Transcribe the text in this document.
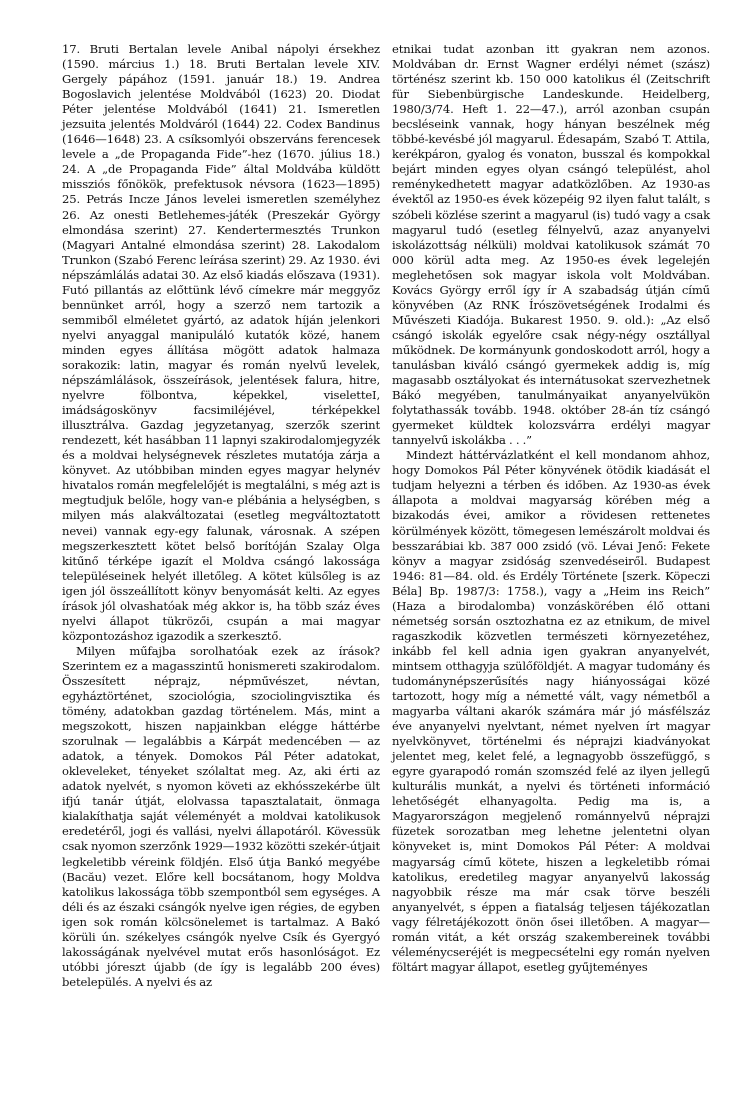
17. Bruti Bertalan levele Anibal nápolyi érsekhez (1590. március 1.) 18. Bruti Bertalan levele XIV. Gergely pápához (1591. január 18.) 19. Andrea Bogoslavich jelentése Moldvából (1623) 20. Diodat Péter jelentése Moldvából (1641) 21. Ismeretlen jezsuita jelentés Moldváról (1644) 22. Codex Bandinus (1646—1648) 23. A csíksomlyói obszerváns ferencesek levele a „de Propaganda Fide”-hez (1670. július 18.) 24. A „de Propaganda Fide” által Moldvába küldött missziós főnökök, prefektusok névsora (1623—1895) 25. Petrás Incze János levelei ismeretlen személyhez 26. Az onesti Betlehemes-játék (Preszekár György elmondása szerint) 27. Kendertermesztés Trunkon (Magyari Antalné elmondása szerint) 28. Lakodalom Trunkon (Szabó Ferenc leírása szerint) 29. Az 1930. évi népszámlálás adatai 30. Az első kiadás előszava (1931). Futó pillantás az előttünk lévő címekre már meggyőz bennünket arról, hogy a szerző nem tartozik a semmiből elméletet gyártó, az adatok híján jelenkori nyelvi anyaggal manipuláló kutatók közé, hanem minden egyes állítása mögött adatok halmaza sorakozik: latin, magyar és román nyelvű levelek, népszámlálások, összeírások, jelentések falura, hitre, nyelvre fölbontva, képekkel, viseletteI, imádságoskönyv facsimiléjével, térképekkel illusztrálva. Gazdag jegyzetanyag, szerzők szerint rendezett, két hasábban 11 lapnyi szakirodalomjegyzék és a moldvai helységnevek részletes mutatója zárja a könyvet. Az utóbbiban minden egyes magyar helynév hivatalos román megfelelőjét is megtalálni, s még azt is megtudjuk belőle, hogy van-e plébánia a helységben, s milyen más alakváltozatai (esetleg megváltoztatott nevei) vannak egy-egy falunak, városnak. A szépen megszerkesztett kötet belső borítóján Szalay Olga kitűnő térképe igazít el Moldva csángó lakossága településeinek helyét illetőleg. A kötet külsőleg is az igen jól összeállított könyv benyomását kelti. Az egyes írások jól olvashatóak még akkor is, ha több száz éves nyelvi állapot tükrözői, csupán a mai magyar központozáshoz igazodik a szerkesztő.

Milyen műfajba sorolhatóak ezek az írások? Szerintem ez a magasszintű honismereti szakirodalom. Összesített néprajz, népművészet, névtan, egyháztörténet, szociológia, szociolingvisztika és tömény, adatokban gazdag történelem. Más, mint a megszokott, hiszen napjainkban elégge háttérbe szorulnak — legalábbis a Kárpát medencében — az adatok, a tények. Domokos Pál Péter adatokat, okleveleket, tényeket szólaltat meg. Az, aki érti az adatok nyelvét, s nyomon követi az ekhósszekérbe ült ifjú tanár útját, elolvassa tapasztalatait, önmaga kialakíthatja saját véleményét a moldvai katolikusok eredetéről, jogi és vallási, nyelvi állapotáról. Kövessük csak nyomon szerzőnk 1929—1932 közötti szekér-útjait legkeletibb véreink földjén. Első útja Bankó megyébe (Bacău) vezet. Előre kell bocsátanom, hogy Moldva katolikus lakossága több szempontból sem egységes. A déli és az északi csángók nyelve igen régies, de egyben igen sok román kölcsönelemet is tartalmaz. A Bakó körüli ún. székelyes csángók nyelve Csík és Gyergyó lakosságának nyelvével mutat erős hasonlóságot. Ez utóbbi jóreszt újabb (de így is legalább 200 éves) betelepülés. A nyelvi és az

etnikai tudat azonban itt gyakran nem azonos. Moldvában dr. Ernst Wagner erdélyi német (szász) történész szerint kb. 150 000 katolikus él (Zeitschrift für Siebenbürgische Landeskunde. Heidelberg, 1980/3/74. Heft 1. 22—47.), arról azonban csupán becsléseink vannak, hogy hányan beszélnek még többé-kevésbé jól magyarul. Édesapám, Szabó T. Attila, kerékpáron, gyalog és vonaton, busszal és kompokkal bejárt minden egyes olyan csángó települést, ahol reménykedhetett magyar adatközlőben. Az 1930-as évektől az 1950-es évek közepéig 92 ilyen falut talált, s szóbeli közlése szerint a magyarul (is) tudó vagy a csak magyarul tudó (esetleg félnyelvű, azaz anyanyelvi iskolázottság nélküli) moldvai katolikusok számát 70 000 körül adta meg. Az 1950-es évek legelején meglehetősen sok magyar iskola volt Moldvában. Kovács György erről így ír A szabadság útján című könyvében (Az RNK Írószövetségének Irodalmi és Művészeti Kiadója. Bukarest 1950. 9. old.): „Az első csángó iskolák egyelőre csak négy-négy osztállyal működnek. De kormányunk gondoskodott arról, hogy a tanulásban kiváló csángó gyermekek addig is, míg magasabb osztályokat és internátusokat szervezhetnek Bákó megyében, tanulmányaikat anyanyelvükön folytathassák tovább. 1948. október 28-án tíz csángó gyermeket küldtek kolozsvárra erdélyi magyar tannyelvű iskolákba . . .”

Mindezt háttérvázlatként el kell mondanom ahhoz, hogy Domokos Pál Péter könyvének ötödik kiadását el tudjam helyezni a térben és időben. Az 1930-as évek állapota a moldvai magyarság körében még a bizakodás évei, amikor a rövidesen rettenetes körülmények között, tömegesen lemészárolt moldvai és besszarábiai kb. 387 000 zsidó (vö. Lévai Jenő: Fekete könyv a magyar zsidóság szenvedéseiről. Budapest 1946: 81—84. old. és Erdély Története [szerk. Köpeczi Béla] Bp. 1987/3: 1758.), vagy a „Heim ins Reich” (Haza a birodalomba) vonzáskörében élő ottani németség sorsán osztozhatna ez az etnikum, de mivel ragaszkodik közvetlen természeti környezetéhez, inkább fel kell adnia igen gyakran anyanyelvét, mintsem otthagyja szülőföldjét. A magyar tudomány és tudománynépszerűsítés nagy hiányosságai közé tartozott, hogy míg a németté vált, vagy németből a magyarba váltani akarók számára már jó másfélszáz éve anyanyelvi nyelvtant, német nyelven írt magyar nyelvkönyvet, történelmi és néprajzi kiadványokat jelentet meg, kelet felé, a legnagyobb összefüggő, s egyre gyarapodó román szomszéd felé az ilyen jellegű kulturális munkát, a nyelvi és történeti információ lehetőségét elhanyagolta. Pedig ma is, a Magyarországon megjelenő románnyelvű néprajzi füzetek sorozatban meg lehetne jelentetni olyan könyveket is, mint Domokos Pál Péter: A moldvai magyarság című kötete, hiszen a legkeletibb római katolikus, eredetileg magyar anyanyelvű lakosság nagyobbik része ma már csak törve beszéli anyanyelvét, s éppen a fiatalság teljesen tájékozatlan vagy félretájékozott önön ősei illetőben. A magyar—román vitát, a két ország szakembereinek további véleménycseréjét is megpecsételni egy román nyelven föltárt magyar állapot, esetleg gyűjteményes
